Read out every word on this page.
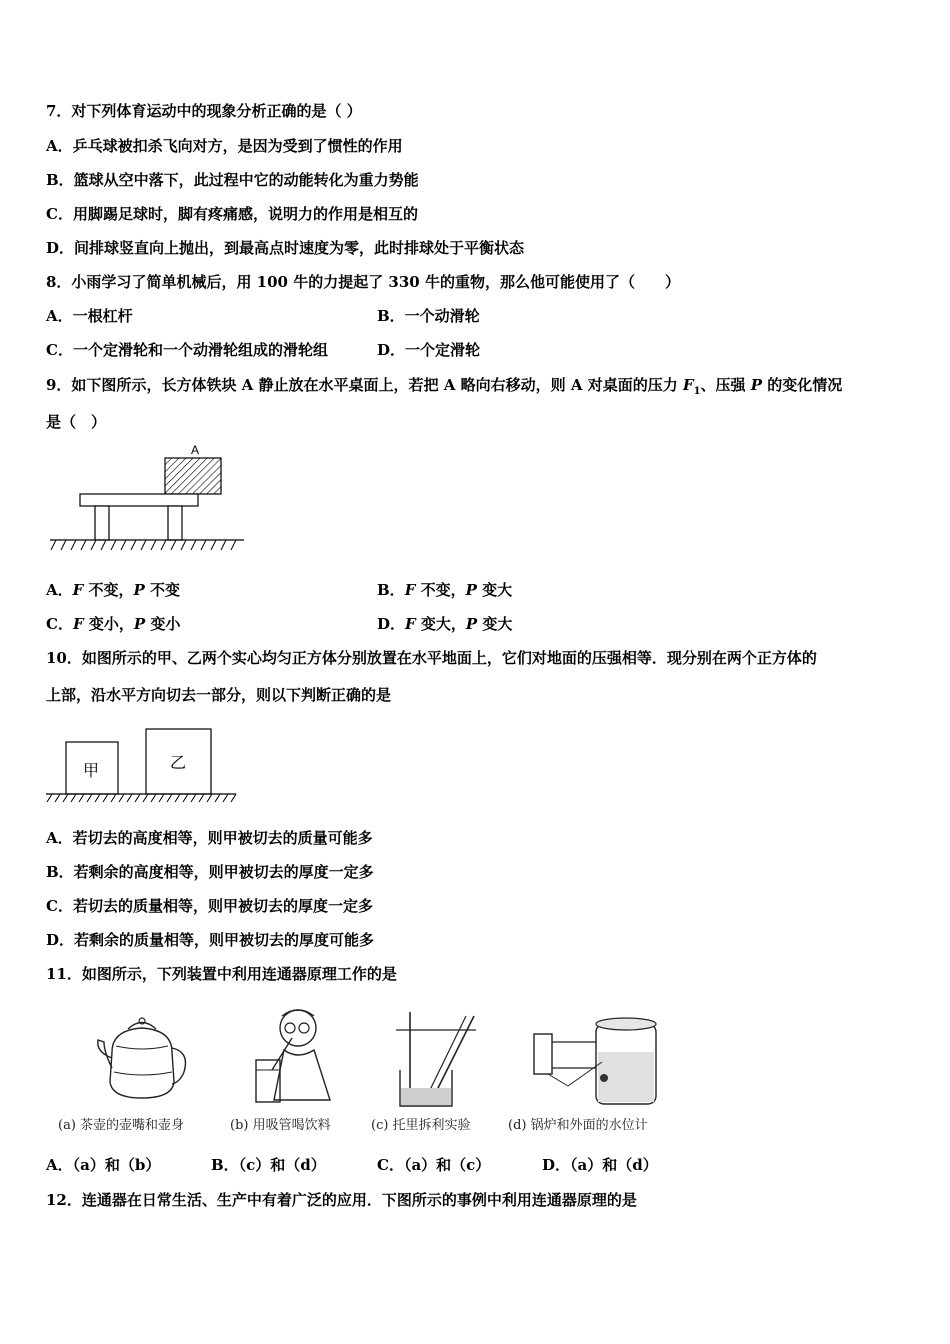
7．对下列体育运动中的现象分析正确的是（ ）
A．乒乓球被扣杀飞向对方，是因为受到了惯性的作用
B．篮球从空中落下，此过程中它的动能转化为重力势能
C．用脚踢足球时，脚有疼痛感，说明力的作用是相互的
D．间排球竖直向上抛出，到最高点时速度为零，此时排球处于平衡状态
8．小雨学习了简单机械后，用 100 牛的力提起了 330 牛的重物，那么他可能使用了（　　）
A．一根杠杆	B．一个动滑轮
C．一个定滑轮和一个动滑轮组成的滑轮组	D．一个定滑轮
9．如下图所示，长方体铁块 A 静止放在水平桌面上，若把 A 略向右移动，则 A 对桌面的压力 $F_1$、压强 P 的变化情况
是（　）
A
A．F 不变，P 不变	B．F 不变，P 变大
C．F 变小，P 变小	D．F 变大，P 变大
10．如图所示的甲、乙两个实心均匀正方体分别放置在水平地面上，它们对地面的压强相等．现分别在两个正方体的
上部，沿水平方向切去一部分，则以下判断正确的是
甲	乙
A．若切去的高度相等，则甲被切去的质量可能多
B．若剩余的高度相等，则甲被切去的厚度一定多
C．若切去的质量相等，则甲被切去的厚度一定多
D．若剩余的质量相等，则甲被切去的厚度可能多
11．如图所示，下列装置中利用连通器原理工作的是
(a) 茶壶的壶嘴和壶身	(b) 用吸管喝饮料	(c) 托里拆利实验	(d) 锅炉和外面的水位计
A．（a）和（b）	B．（c）和（d）	C．（a）和（c）	D．（a）和（d）
12．连通器在日常生活、生产中有着广泛的应用．下图所示的事例中利用连通器原理的是
